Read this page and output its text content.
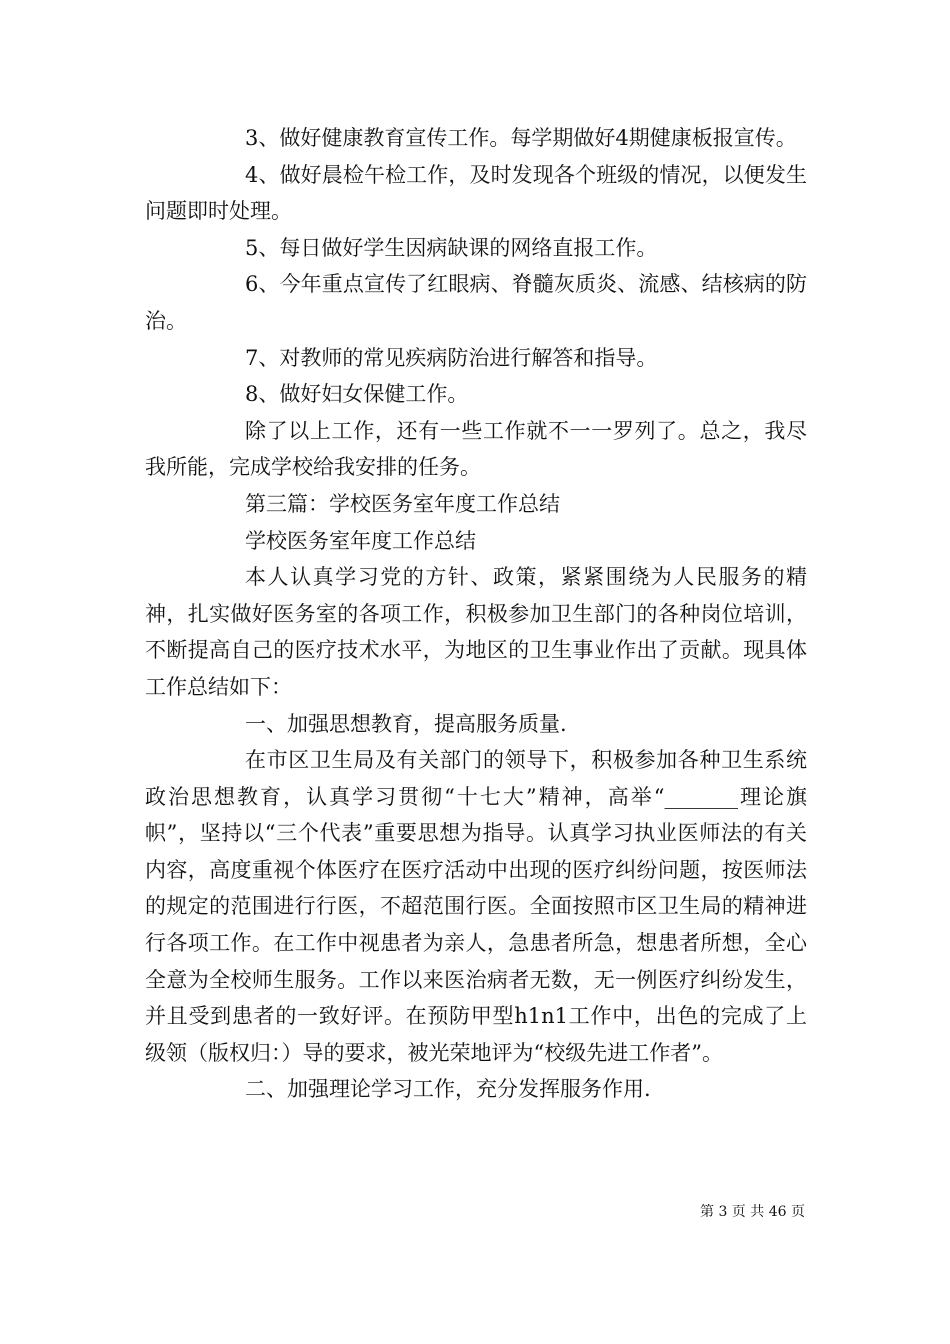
3、做好健康教育宣传工作。每学期做好4期健康板报宣传。

4、做好晨检午检工作，及时发现各个班级的情况，以便发生问题即时处理。

5、每日做好学生因病缺课的网络直报工作。

6、今年重点宣传了红眼病、脊髓灰质炎、流感、结核病的防治。

7、对教师的常见疾病防治进行解答和指导。

8、做好妇女保健工作。

除了以上工作，还有一些工作就不一一罗列了。总之，我尽我所能，完成学校给我安排的任务。

第三篇：学校医务室年度工作总结

学校医务室年度工作总结

本人认真学习党的方针、政策，紧紧围绕为人民服务的精神，扎实做好医务室的各项工作，积极参加卫生部门的各种岗位培训，不断提高自己的医疗技术水平，为地区的卫生事业作出了贡献。现具体工作总结如下：

一、加强思想教育，提高服务质量.

在市区卫生局及有关部门的领导下，积极参加各种卫生系统政治思想教育，认真学习贯彻“十七大”精神，高举“_______理论旗帜”，坚持以“三个代表”重要思想为指导。认真学习执业医师法的有关内容，高度重视个体医疗在医疗活动中出现的医疗纠纷问题，按医师法的规定的范围进行行医，不超范围行医。全面按照市区卫生局的精神进行各项工作。在工作中视患者为亲人，急患者所急，想患者所想，全心全意为全校师生服务。工作以来医治病者无数，无一例医疗纠纷发生，并且受到患者的一致好评。在预防甲型h1n1工作中，出色的完成了上级领（版权归：）导的要求，被光荣地评为“校级先进工作者”。

二、加强理论学习工作，充分发挥服务作用.

第 3 页 共 46 页
